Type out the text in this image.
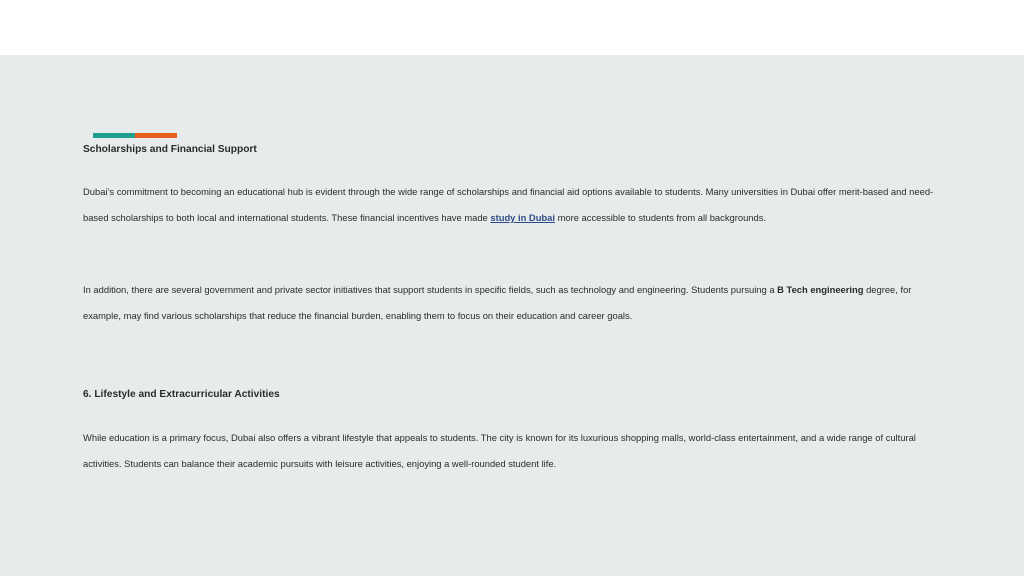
Scholarships and Financial Support
Dubai’s commitment to becoming an educational hub is evident through the wide range of scholarships and financial aid options available to students. Many universities in Dubai offer merit-based and need-based scholarships to both local and international students. These financial incentives have made study in Dubai more accessible to students from all backgrounds.
In addition, there are several government and private sector initiatives that support students in specific fields, such as technology and engineering. Students pursuing a B Tech engineering degree, for example, may find various scholarships that reduce the financial burden, enabling them to focus on their education and career goals.
6. Lifestyle and Extracurricular Activities
While education is a primary focus, Dubai also offers a vibrant lifestyle that appeals to students. The city is known for its luxurious shopping malls, world-class entertainment, and a wide range of cultural activities. Students can balance their academic pursuits with leisure activities, enjoying a well-rounded student life.
